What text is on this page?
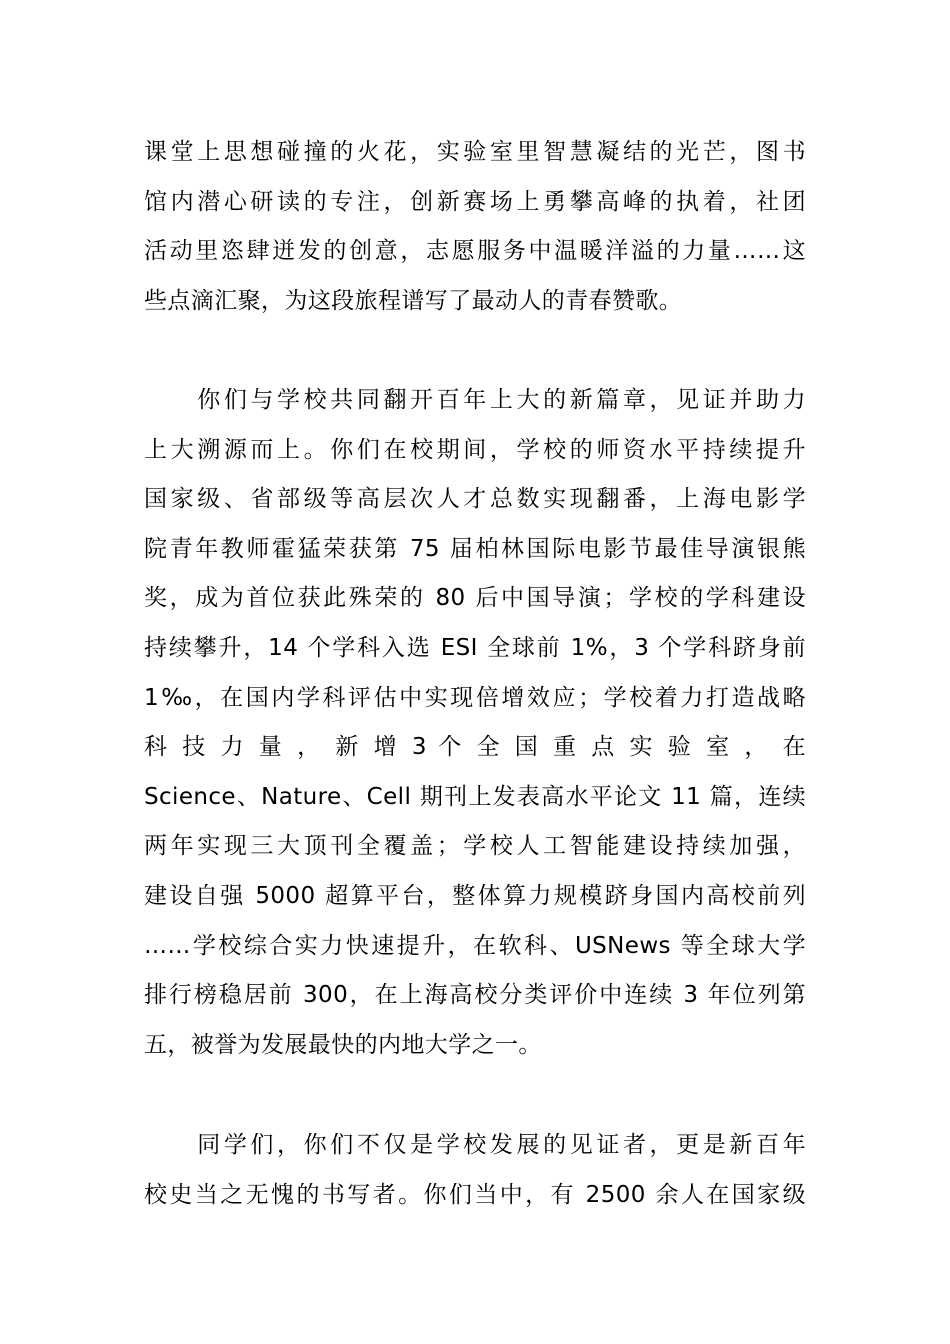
课堂上思想碰撞的火花，实验室里智慧凝结的光芒，图书
馆内潜心研读的专注，创新赛场上勇攀高峰的执着，社团
活动里恣肆迸发的创意，志愿服务中温暖洋溢的力量……这
些点滴汇聚，为这段旅程谱写了最动人的青春赞歌。
　　你们与学校共同翻开百年上大的新篇章，见证并助力
上大溯源而上。你们在校期间，学校的师资水平持续提升
国家级、省部级等高层次人才总数实现翻番，上海电影学
院青年教师霍猛荣获第 75 届柏林国际电影节最佳导演银熊
奖，成为首位获此殊荣的 80 后中国导演；学校的学科建设
持续攀升，14 个学科入选 ESI 全球前 1%，3 个学科跻身前
1‰，在国内学科评估中实现倍增效应；学校着力打造战略
科 技 力 量 ， 新 增 3 个 全 国 重 点 实 验 室 ， 在
Science、Nature、Cell 期刊上发表高水平论文 11 篇，连续
两年实现三大顶刊全覆盖；学校人工智能建设持续加强，
建设自强 5000 超算平台，整体算力规模跻身国内高校前列
……学校综合实力快速提升，在软科、USNews 等全球大学
排行榜稳居前 300，在上海高校分类评价中连续 3 年位列第
五，被誉为发展最快的内地大学之一。
　　同学们，你们不仅是学校发展的见证者，更是新百年
校史当之无愧的书写者。你们当中，有 2500 余人在国家级
